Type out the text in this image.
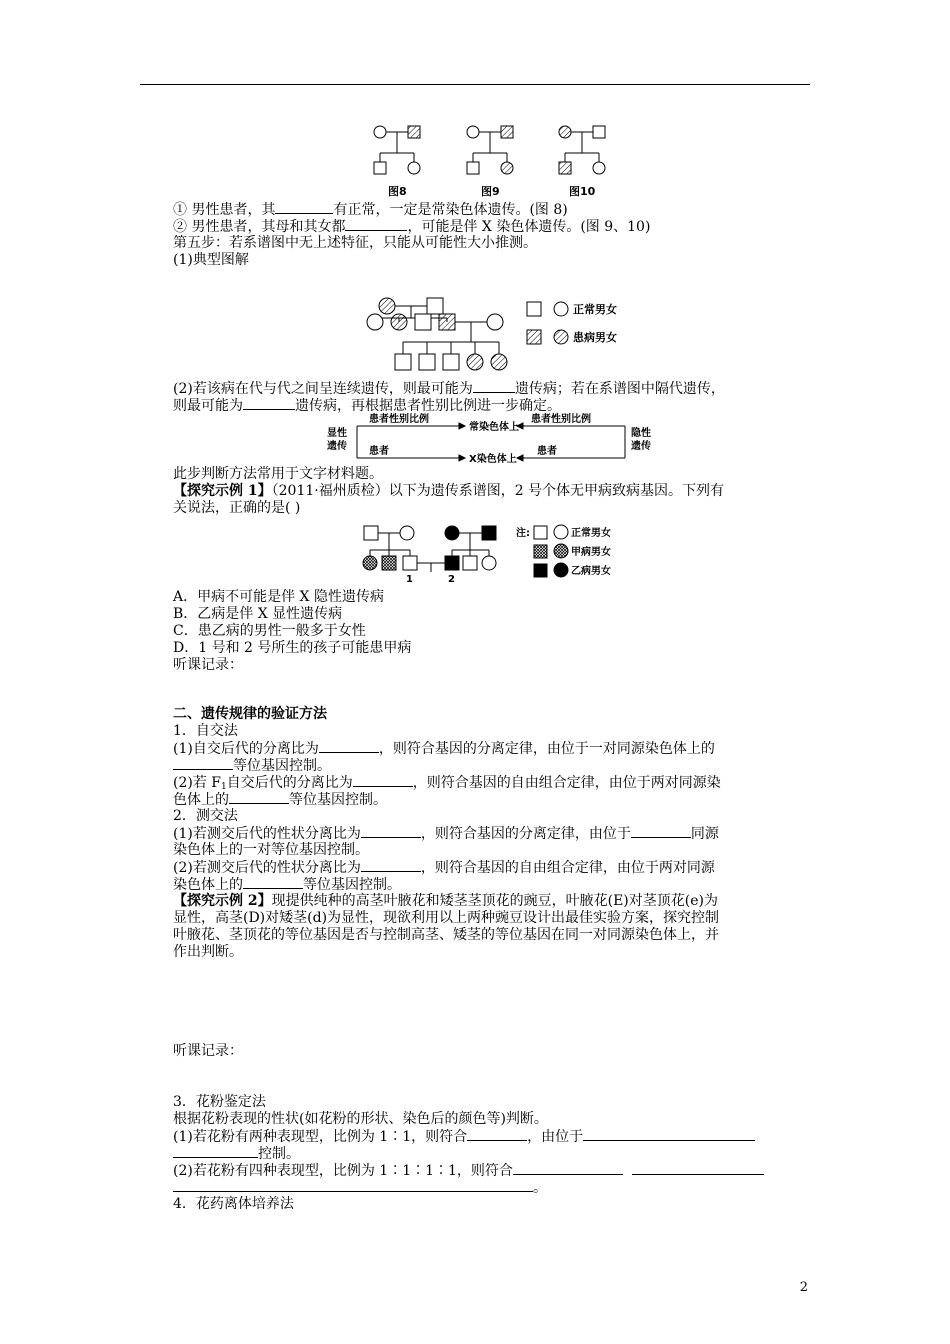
图8	图9	图10
① 男性患者，其	有正常，一定是常染色体遗传。(图 8)
② 男性患者，其母和其女都	，可能是伴 X 染色体遗传。(图 9、10)
第五步：若系谱图中无上述特征，只能从可能性大小推测。
(1)典型图解
正常男女
患病男女
(2)若该病在代与代之间呈连续遗传，则最可能为	遗传病；若在系谱图中隔代遗传，
则最可能为	遗传病，再根据患者性别比例进一步确定。
显性遗传
隐性遗传
常染色体上
X染色体上
患者性别比例	患者性别比例
患者	患者
此步判断方法常用于文字材料题。
【探究示例 1】（2011·福州质检）以下为遗传系谱图，2 号个体无甲病致病基因。下列有
关说法，正确的是( )
注:	正常男女
甲病男女
乙病男女
1	2
A．甲病不可能是伴 X 隐性遗传病
B．乙病是伴 X 显性遗传病
C．患乙病的男性一般多于女性
D．1 号和 2 号所生的孩子可能患甲病
听课记录：
二、遗传规律的验证方法
1．自交法
(1)自交后代的分离比为	，则符合基因的分离定律，由位于一对同源染色体上的
等位基因控制。
(2)若 $F_1$自交后代的分离比为	，则符合基因的自由组合定律，由位于两对同源染
色体上的	等位基因控制。
2．测交法
(1)若测交后代的性状分离比为	，则符合基因的分离定律，由位于	同源
染色体上的一对等位基因控制。
(2)若测交后代的性状分离比为	，则符合基因的自由组合定律，由位于两对同源
染色体上的	等位基因控制。
【探究示例 2】现提供纯种的高茎叶腋花和矮茎茎顶花的豌豆，叶腋花(E)对茎顶花(e)为
显性，高茎(D)对矮茎(d)为显性，现欲利用以上两种豌豆设计出最佳实验方案，探究控制
叶腋花、茎顶花的等位基因是否与控制高茎、矮茎的等位基因在同一对同源染色体上，并
作出判断。
听课记录：
3．花粉鉴定法
根据花粉表现的性状(如花粉的形状、染色后的颜色等)判断。
(1)若花粉有两种表现型，比例为 1∶1，则符合	，由位于
控制。
(2)若花粉有四种表现型，比例为 1∶1∶1∶1，则符合
。
4．花药离体培养法
2
